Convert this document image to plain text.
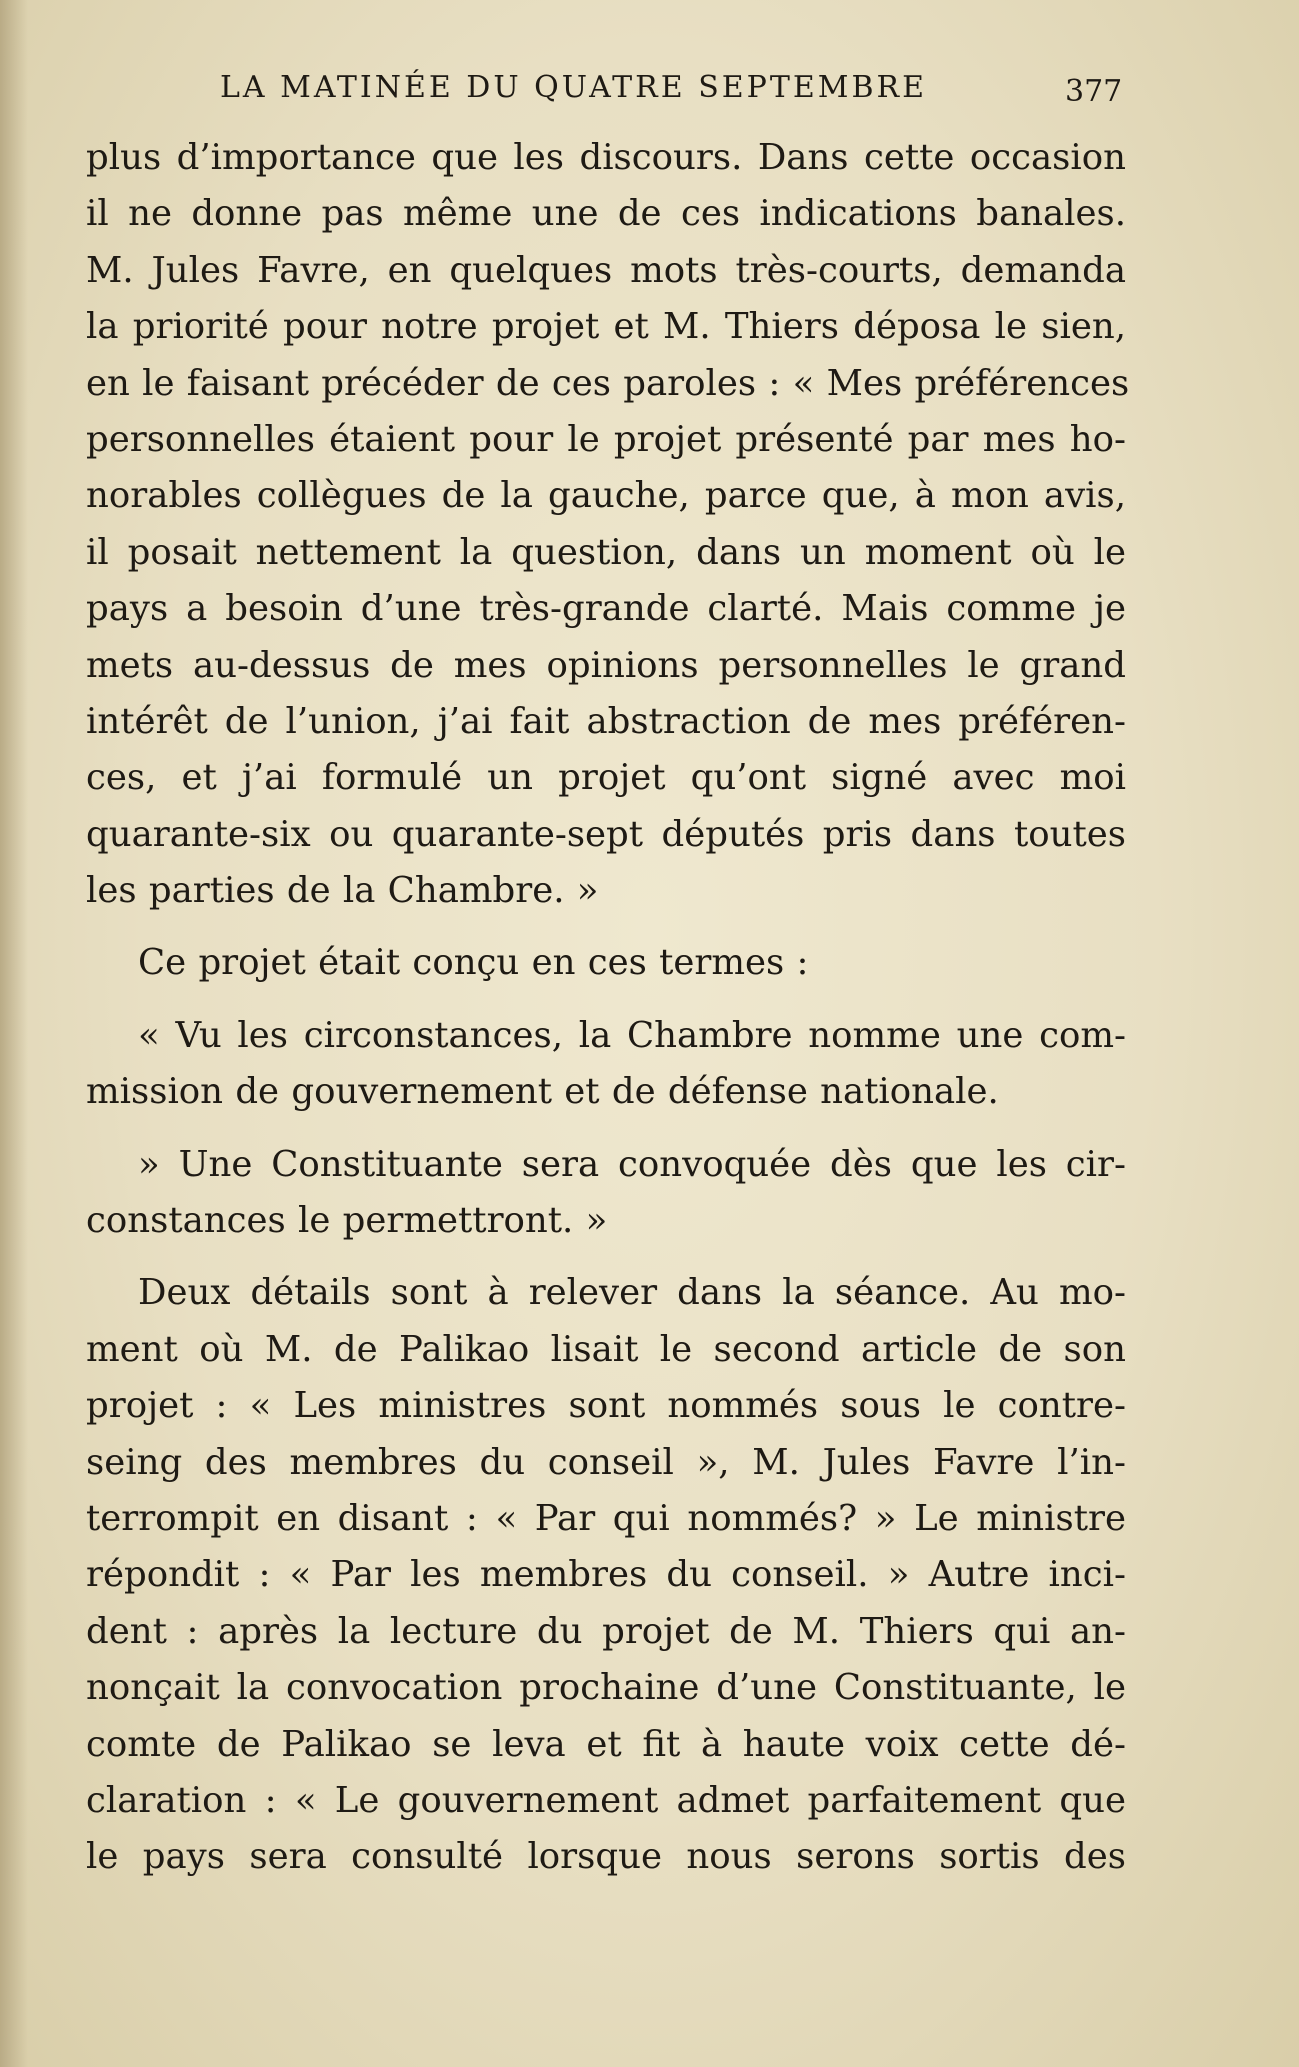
LA MATINÉE DU QUATRE SEPTEMBRE	377
plus d’importance que les discours. Dans cette occasion
il ne donne pas même une de ces indications banales.
M. Jules Favre, en quelques mots très-courts, demanda
la priorité pour notre projet et M. Thiers déposa le sien,
en le faisant précéder de ces paroles : « Mes préférences
personnelles étaient pour le projet présenté par mes ho-
norables collègues de la gauche, parce que, à mon avis,
il posait nettement la question, dans un moment où le
pays a besoin d’une très-grande clarté. Mais comme je
mets au-dessus de mes opinions personnelles le grand
intérêt de l’union, j’ai fait abstraction de mes préféren-
ces, et j’ai formulé un projet qu’ont signé avec moi
quarante-six ou quarante-sept députés pris dans toutes
les parties de la Chambre. »
Ce projet était conçu en ces termes :
« Vu les circonstances, la Chambre nomme une com-
mission de gouvernement et de défense nationale.
» Une Constituante sera convoquée dès que les cir-
constances le permettront. »
Deux détails sont à relever dans la séance. Au mo-
ment où M. de Palikao lisait le second article de son
projet : « Les ministres sont nommés sous le contre-
seing des membres du conseil », M. Jules Favre l’in-
terrompit en disant : « Par qui nommés? » Le ministre
répondit : « Par les membres du conseil. » Autre inci-
dent : après la lecture du projet de M. Thiers qui an-
nonçait la convocation prochaine d’une Constituante, le
comte de Palikao se leva et fit à haute voix cette dé-
claration : « Le gouvernement admet parfaitement que
le pays sera consulté lorsque nous serons sortis des
